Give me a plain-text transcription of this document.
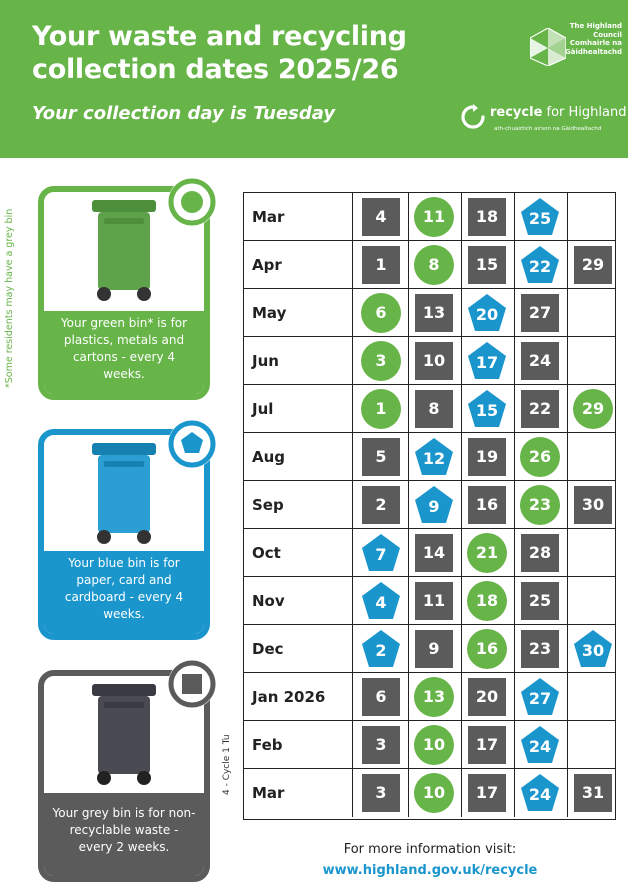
Your waste and recycling collection dates 2025/26
Your collection day is Tuesday
The Highland
Council
Comhairle na
Gàidhealtachd
recycle for Highland
ath-chuairtich airson na Gàidhealtachd
*Some residents may have a grey bin
4 - Cycle 1 Tu
Your green bin* is for plastics, metals and cartons - every 4 weeks.
Your blue bin is for paper, card and cardboard - every 4 weeks.
Your grey bin is for non-recyclable waste - every 2 weeks.
Mar	4 11 18 25
Apr	1	8 15 22 29
May	6 13 20 27
Jun	3 10 17 24
Jul	1	8 15 22 29
Aug	5 12 19 26
Sep	2	9 16 23 30
Oct	7 14 21 28
Nov	4 11 18 25
Dec	2	9 16 23 30
Jan 2026	6 13 20 27
Feb	3 10 17 24
Mar	3 10 17 24 31
For more information visit:
www.highland.gov.uk/recycle
